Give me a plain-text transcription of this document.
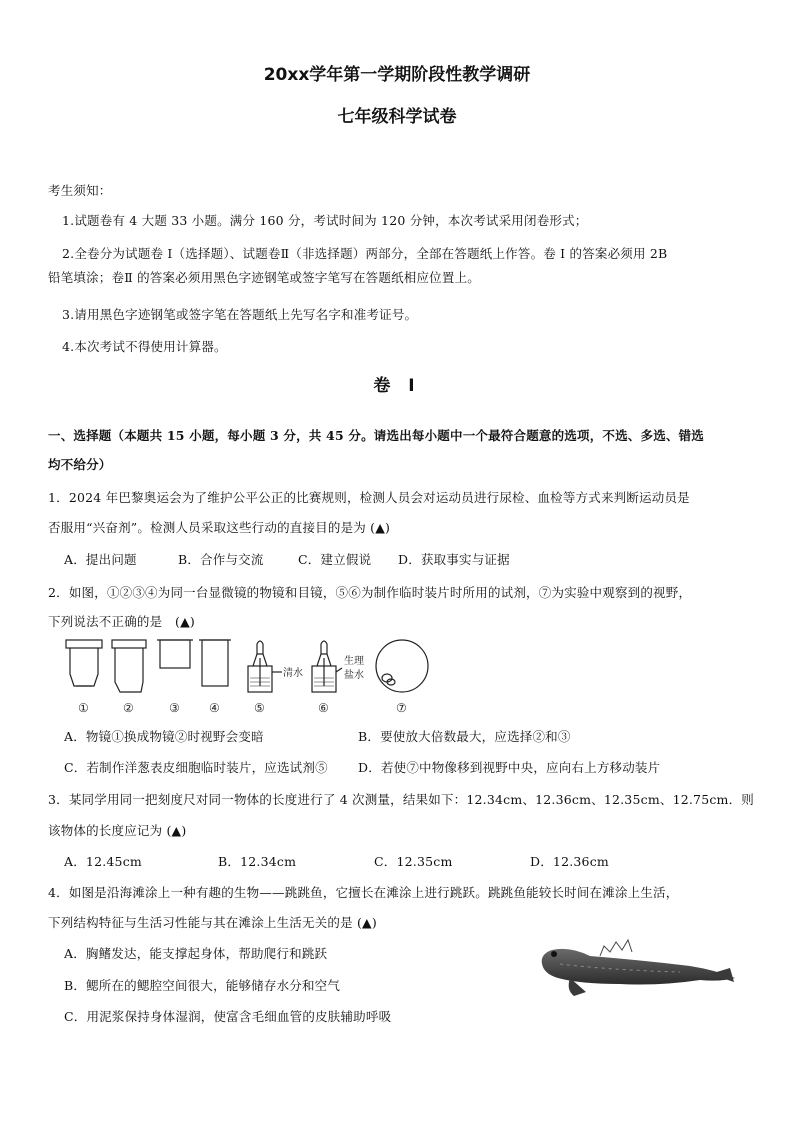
20xx学年第一学期阶段性教学调研
七年级科学试卷
考生须知：
1.试题卷有 4 大题 33 小题。满分 160 分，考试时间为 120 分钟，本次考试采用闭卷形式；
2.全卷分为试题卷 Ⅰ（选择题）、试题卷Ⅱ（非选择题）两部分，全部在答题纸上作答。卷 Ⅰ 的答案必须用 2B
铅笔填涂；卷Ⅱ 的答案必须用黑色字迹钢笔或签字笔写在答题纸相应位置上。
3.请用黑色字迹钢笔或签字笔在答题纸上先写名字和准考证号。
4.本次考试不得使用计算器。
卷 Ⅰ
一、选择题（本题共 15 小题，每小题 3 分，共 45 分。请选出每小题中一个最符合题意的选项，不选、多选、错选
均不给分）
1．2024 年巴黎奥运会为了维护公平公正的比赛规则，检测人员会对运动员进行尿检、血检等方式来判断运动员是
否服用“兴奋剂”。检测人员采取这些行动的直接目的是为 (▲)
A．提出问题	B．合作与交流	C．建立假说 D．获取事实与证据
2．如图，①②③④为同一台显微镜的物镜和目镜，⑤⑥为制作临时装片时所用的试剂，⑦为实验中观察到的视野，
下列说法不正确的是　(▲)
清水
生理
盐水
①	②	③ ④	⑤	⑥	⑦
A．物镜①换成物镜②时视野会变暗	B．要使放大倍数最大，应选择②和③
C．若制作洋葱表皮细胞临时装片，应选试剂⑤ D．若使⑦中物像移到视野中央，应向右上方移动装片
3．某同学用同一把刻度尺对同一物体的长度进行了 4 次测量，结果如下：12.34cm、12.36cm、12.35cm、12.75cm．则
该物体的长度应记为 (▲)
A．12.45cm	B．12.34cm	C．12.35cm	D．12.36cm
4．如图是沿海滩涂上一种有趣的生物——跳跳鱼，它擅长在滩涂上进行跳跃。跳跳鱼能较长时间在滩涂上生活，
下列结构特征与生活习性能与其在滩涂上生活无关的是 (▲)
A．胸鳍发达，能支撑起身体，帮助爬行和跳跃
B．鳃所在的鳃腔空间很大，能够储存水分和空气
C．用泥浆保持身体湿润，使富含毛细血管的皮肤辅助呼吸
